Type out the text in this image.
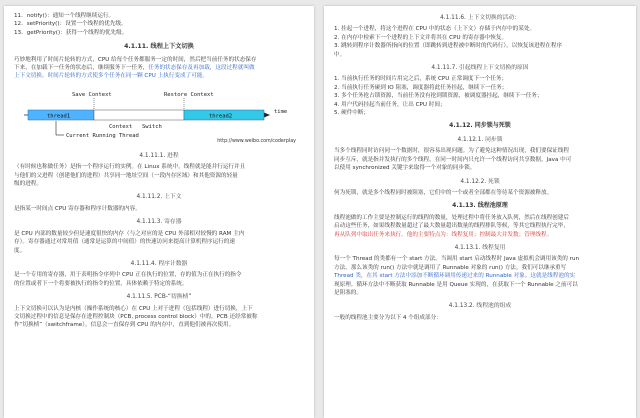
11．notify()：通知一个线程继续运行。
12．setPriority()：设置一个线程的优先级。
13．getPriority()：获得一个线程的优先级。
4.1.11. 线程上下文切换
巧妙地利用了时间片轮转的方式，CPU 给每个任务都服务一定的时间，然后把当前任务的状态保存
下来，在加载下一任务的状态后，继续服务下一任务，任务的状态保存及再加载，这段过程就叫做
上下文切换。时间片轮转的方式使多个任务在同一颗 CPU 上执行变成了可能。
Save Context	Restore Context
time
thread1	thread2
Context Switch
Current Running Thread
http://www.weibo.com/coderplay
4.1.11.1. 进程
（有时候也称做任务）是指一个程序运行的实例。在 Linux 系统中，线程就是能并行运行并且
与他们的父进程（创建他们的进程）共享同一地址空间（一段内存区域）和其他资源的轻量
级的进程。
4.1.11.2. 上下文
是指某一时间点 CPU 寄存器和程序计数器的内容。
4.1.11.3. 寄存器
是 CPU 内部的数量较少但是速度很快的内存（与之对应的是 CPU 外部相对较慢的 RAM 主内
存）。寄存器通过对常用值（通常是运算的中间值）的快速访问来提高计算机程序运行的速
度。
4.1.11.4. 程序计数器
是一个专用的寄存器，用于表明指令序列中 CPU 正在执行的位置，存的值为正在执行的指令
的位置或者下一个将要被执行的指令的位置，具体依赖于特定的系统。
4.1.11.5. PCB-“切换桢”
上下文切换可以认为是内核（操作系统的核心）在 CPU 上对于进程（包括线程）进行切换，上下
文切换过程中的信息是保存在进程控制块（PCB, process control block）中的。PCB 还经常被称
作“切换桢”（switchframe）。信息会一直保存到 CPU 的内存中，直到他们被再次使用。
4.1.11.6. 上下文切换的活动：
1. 挂起一个进程，将这个进程在 CPU 中的状态（上下文）存储于内存中的某处。
2. 在内存中检索下一个进程的上下文并将其在 CPU 的寄存器中恢复。
3. 跳转到程序计数器所指向的位置（即跳转到进程被中断时的代码行），以恢复该进程在程序
中。
4.1.11.7. 引起线程上下文切换的原因
1. 当前执行任务的时间片用完之后，系统 CPU 正常调度下一个任务；
2. 当前执行任务碰到 IO 阻塞，调度器将此任务挂起，继续下一任务；
3. 多个任务抢占锁资源，当前任务没有抢到锁资源，被调度器挂起，继续下一任务；
4. 用户代码挂起当前任务，让出 CPU 时间；
5. 硬件中断；
4.1.12. 同步锁与死锁
4.1.12.1. 同步锁
当多个线程同时访问同一个数据时，很容易出现问题。为了避免这种情况出现，我们要保证线程
同步互斥，就是指并发执行的多个线程，在同一时间内只允许一个线程访问共享数据。Java 中可
以使用 synchronized 关键字来取得一个对象的同步锁。
4.1.12.2. 死锁
何为死锁，就是多个线程同时被阻塞，它们中的一个或者全部都在等待某个资源被释放。
4.1.13. 线程池原理
线程池做的工作主要是控制运行的线程的数量，处理过程中将任务放入队列，然后在线程创建后
启动这些任务，如果线程数量超过了最大数量超出数量的线程排队等候，等其它线程执行完毕，
再从队列中取出任务来执行。他的主要特点为：线程复用；控制最大并发数；管理线程。
4.1.13.1. 线程复用
每一个 Thread 的类都有一个 start 方法。当调用 start 启动线程时 Java 虚拟机会调用该类的 run
方法。那么该类的 run() 方法中就是调用了 Runnable 对象的 run() 方法。我们可以继承重写
Thread 类，在其 start 方法中添加不断循环调用传递过来的 Runnable 对象。这就是线程池的实
现原理。循环方法中不断获取 Runnable 是用 Queue 实现的，在获取下一个 Runnable 之前可以
是阻塞的。
4.1.13.2. 线程池的组成
一般的线程池主要分为以下 4 个组成部分：
